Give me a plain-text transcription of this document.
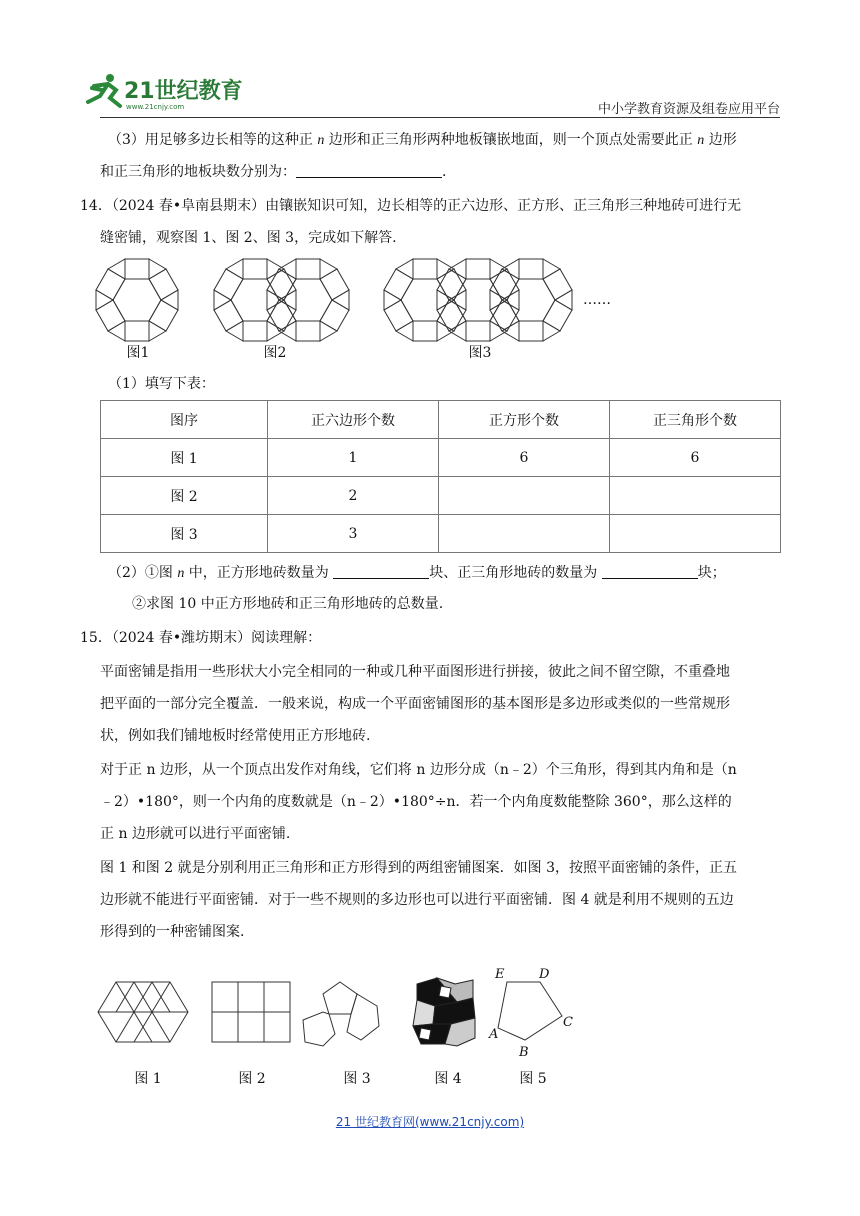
21世纪教育
www.21cnjy.com	中小学教育资源及组卷应用平台
（3）用足够多边长相等的这种正 n 边形和正三角形两种地板镶嵌地面，则一个顶点处需要此正 n 边形
和正三角形的地板块数分别为：	.
14．（2024 春•阜南县期末）由镶嵌知识可知，边长相等的正六边形、正方形、正三角形三种地砖可进行无
缝密铺，观察图 1、图 2、图 3，完成如下解答.
……
图1	图2	图3
（1）填写下表：
图序	正六边形个数	正方形个数	正三角形个数
图 1	1	6	6
图 2	2		
图 3	3		
（2）①图 n 中，正方形地砖数量为	块、正三角形地砖的数量为	块；
②求图 10 中正方形地砖和正三角形地砖的总数量.
15．（2024 春•潍坊期末）阅读理解：
平面密铺是指用一些形状大小完全相同的一种或几种平面图形进行拼接，彼此之间不留空隙，不重叠地
把平面的一部分完全覆盖．一般来说，构成一个平面密铺图形的基本图形是多边形或类似的一些常规形
状，例如我们铺地板时经常使用正方形地砖.
对于正 n 边形，从一个顶点出发作对角线，它们将 n 边形分成（n﹣2）个三角形，得到其内角和是（n
﹣2）•180°，则一个内角的度数就是（n﹣2）•180°÷n．若一个内角度数能整除 360°，那么这样的
正 n 边形就可以进行平面密铺.
图 1 和图 2 就是分别利用正三角形和正方形得到的两组密铺图案．如图 3，按照平面密铺的条件，正五
边形就不能进行平面密铺．对于一些不规则的多边形也可以进行平面密铺．图 4 就是利用不规则的五边
形得到的一种密铺图案.
E	D
C
B
A
图 1	图 2	图 3	图 4	图 5
21 世纪教育网(www.21cnjy.com)
